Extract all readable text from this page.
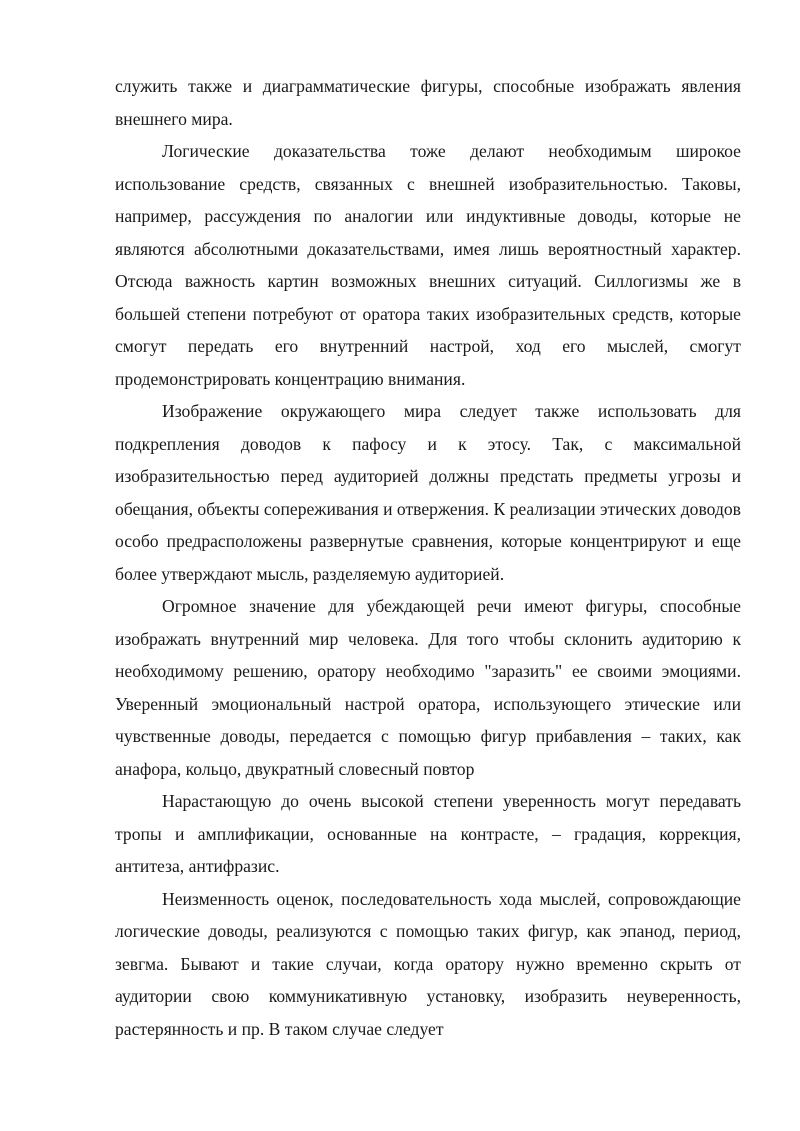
служить также и диаграмматические фигуры, способные изображать явления внешнего мира.

Логические доказательства тоже делают необходимым широкое использование средств, связанных с внешней изобразительностью. Таковы, например, рассуждения по аналогии или индуктивные доводы, которые не являются абсолютными доказательствами, имея лишь вероятностный характер. Отсюда важность картин возможных внешних ситуаций. Силлогизмы же в большей степени потребуют от оратора таких изобразительных средств, которые смогут передать его внутренний настрой, ход его мыслей, смогут продемонстрировать концентрацию внимания.

Изображение окружающего мира следует также использовать для подкрепления доводов к пафосу и к этосу. Так, с максимальной изобразительностью перед аудиторией должны предстать предметы угрозы и обещания, объекты сопереживания и отвержения. К реализации этических доводов особо предрасположены развернутые сравнения, которые концентрируют и еще более утверждают мысль, разделяемую аудиторией.

Огромное значение для убеждающей речи имеют фигуры, способные изображать внутренний мир человека. Для того чтобы склонить аудиторию к необходимому решению, оратору необходимо "заразить" ее своими эмоциями. Уверенный эмоциональный настрой оратора, использующего этические или чувственные доводы, передается с помощью фигур прибавления – таких, как анафора, кольцо, двукратный словесный повтор

Нарастающую до очень высокой степени уверенность могут передавать тропы и амплификации, основанные на контрасте, – градация, коррекция, антитеза, антифразис.

Неизменность оценок, последовательность хода мыслей, сопровождающие логические доводы, реализуются с помощью таких фигур, как эпанод, период, зевгма. Бывают и такие случаи, когда оратору нужно временно скрыть от аудитории свою коммуникативную установку, изобразить неуверенность, растерянность и пр. В таком случае следует
